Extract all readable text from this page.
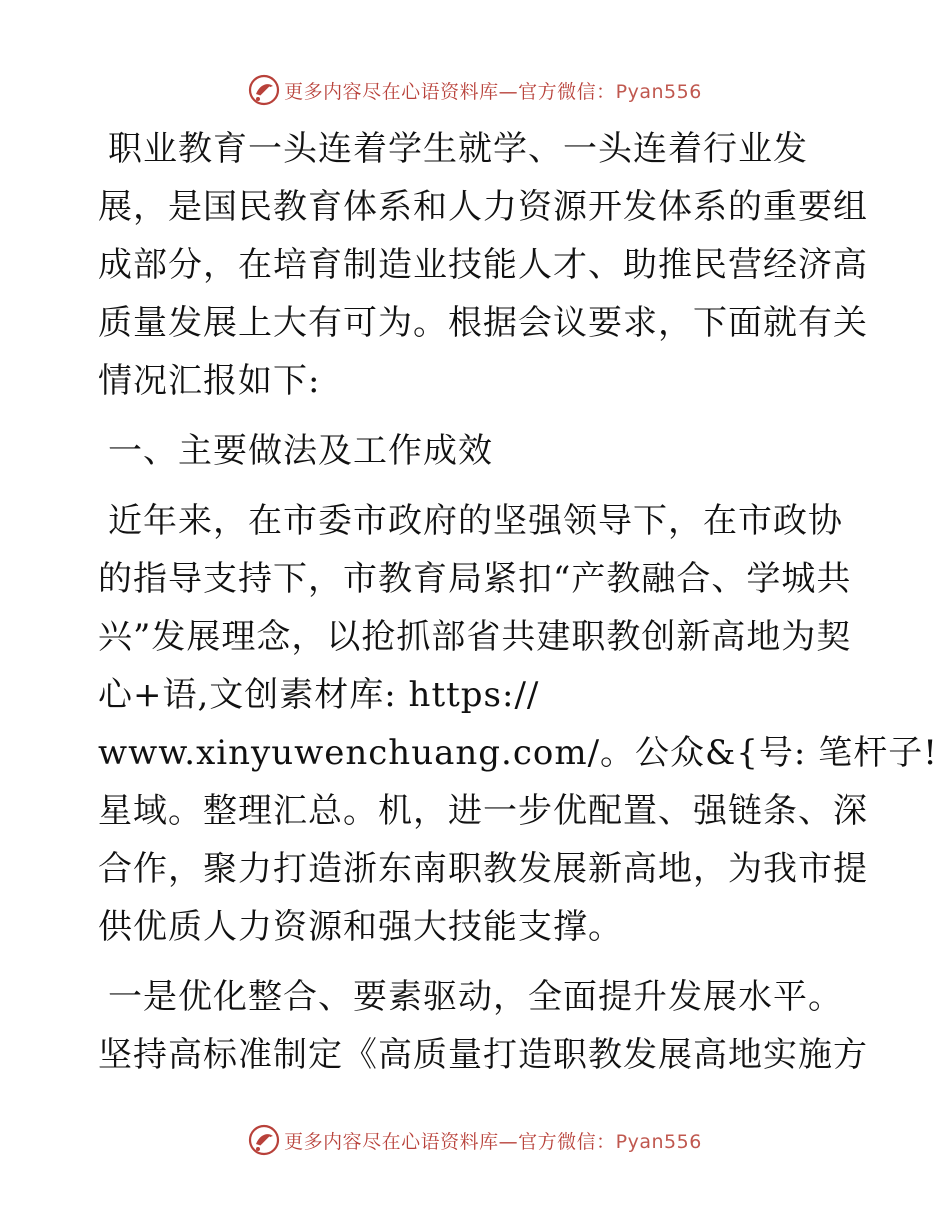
更多内容尽在心语资料库—官方微信：Pyan556
职业教育一头连着学生就学、一头连着行业发
展，是国民教育体系和人力资源开发体系的重要组
成部分，在培育制造业技能人才、助推民营经济高
质量发展上大有可为。根据会议要求，下面就有关
情况汇报如下:
一、主要做法及工作成效
近年来，在市委市政府的坚强领导下，在市政协
的指导支持下，市教育局紧扣“产教融合、学城共
兴”发展理念，以抢抓部省共建职教创新高地为契
心+语,文创素材库: https://
www.xinyuwenchuang.com/。公众&{号: 笔杆子!
星域。整理汇总。机，进一步优配置、强链条、深
合作，聚力打造浙东南职教发展新高地，为我市提
供优质人力资源和强大技能支撑。
一是优化整合、要素驱动，全面提升发展水平。
坚持高标准制定《高质量打造职教发展高地实施方
更多内容尽在心语资料库—官方微信：Pyan556
